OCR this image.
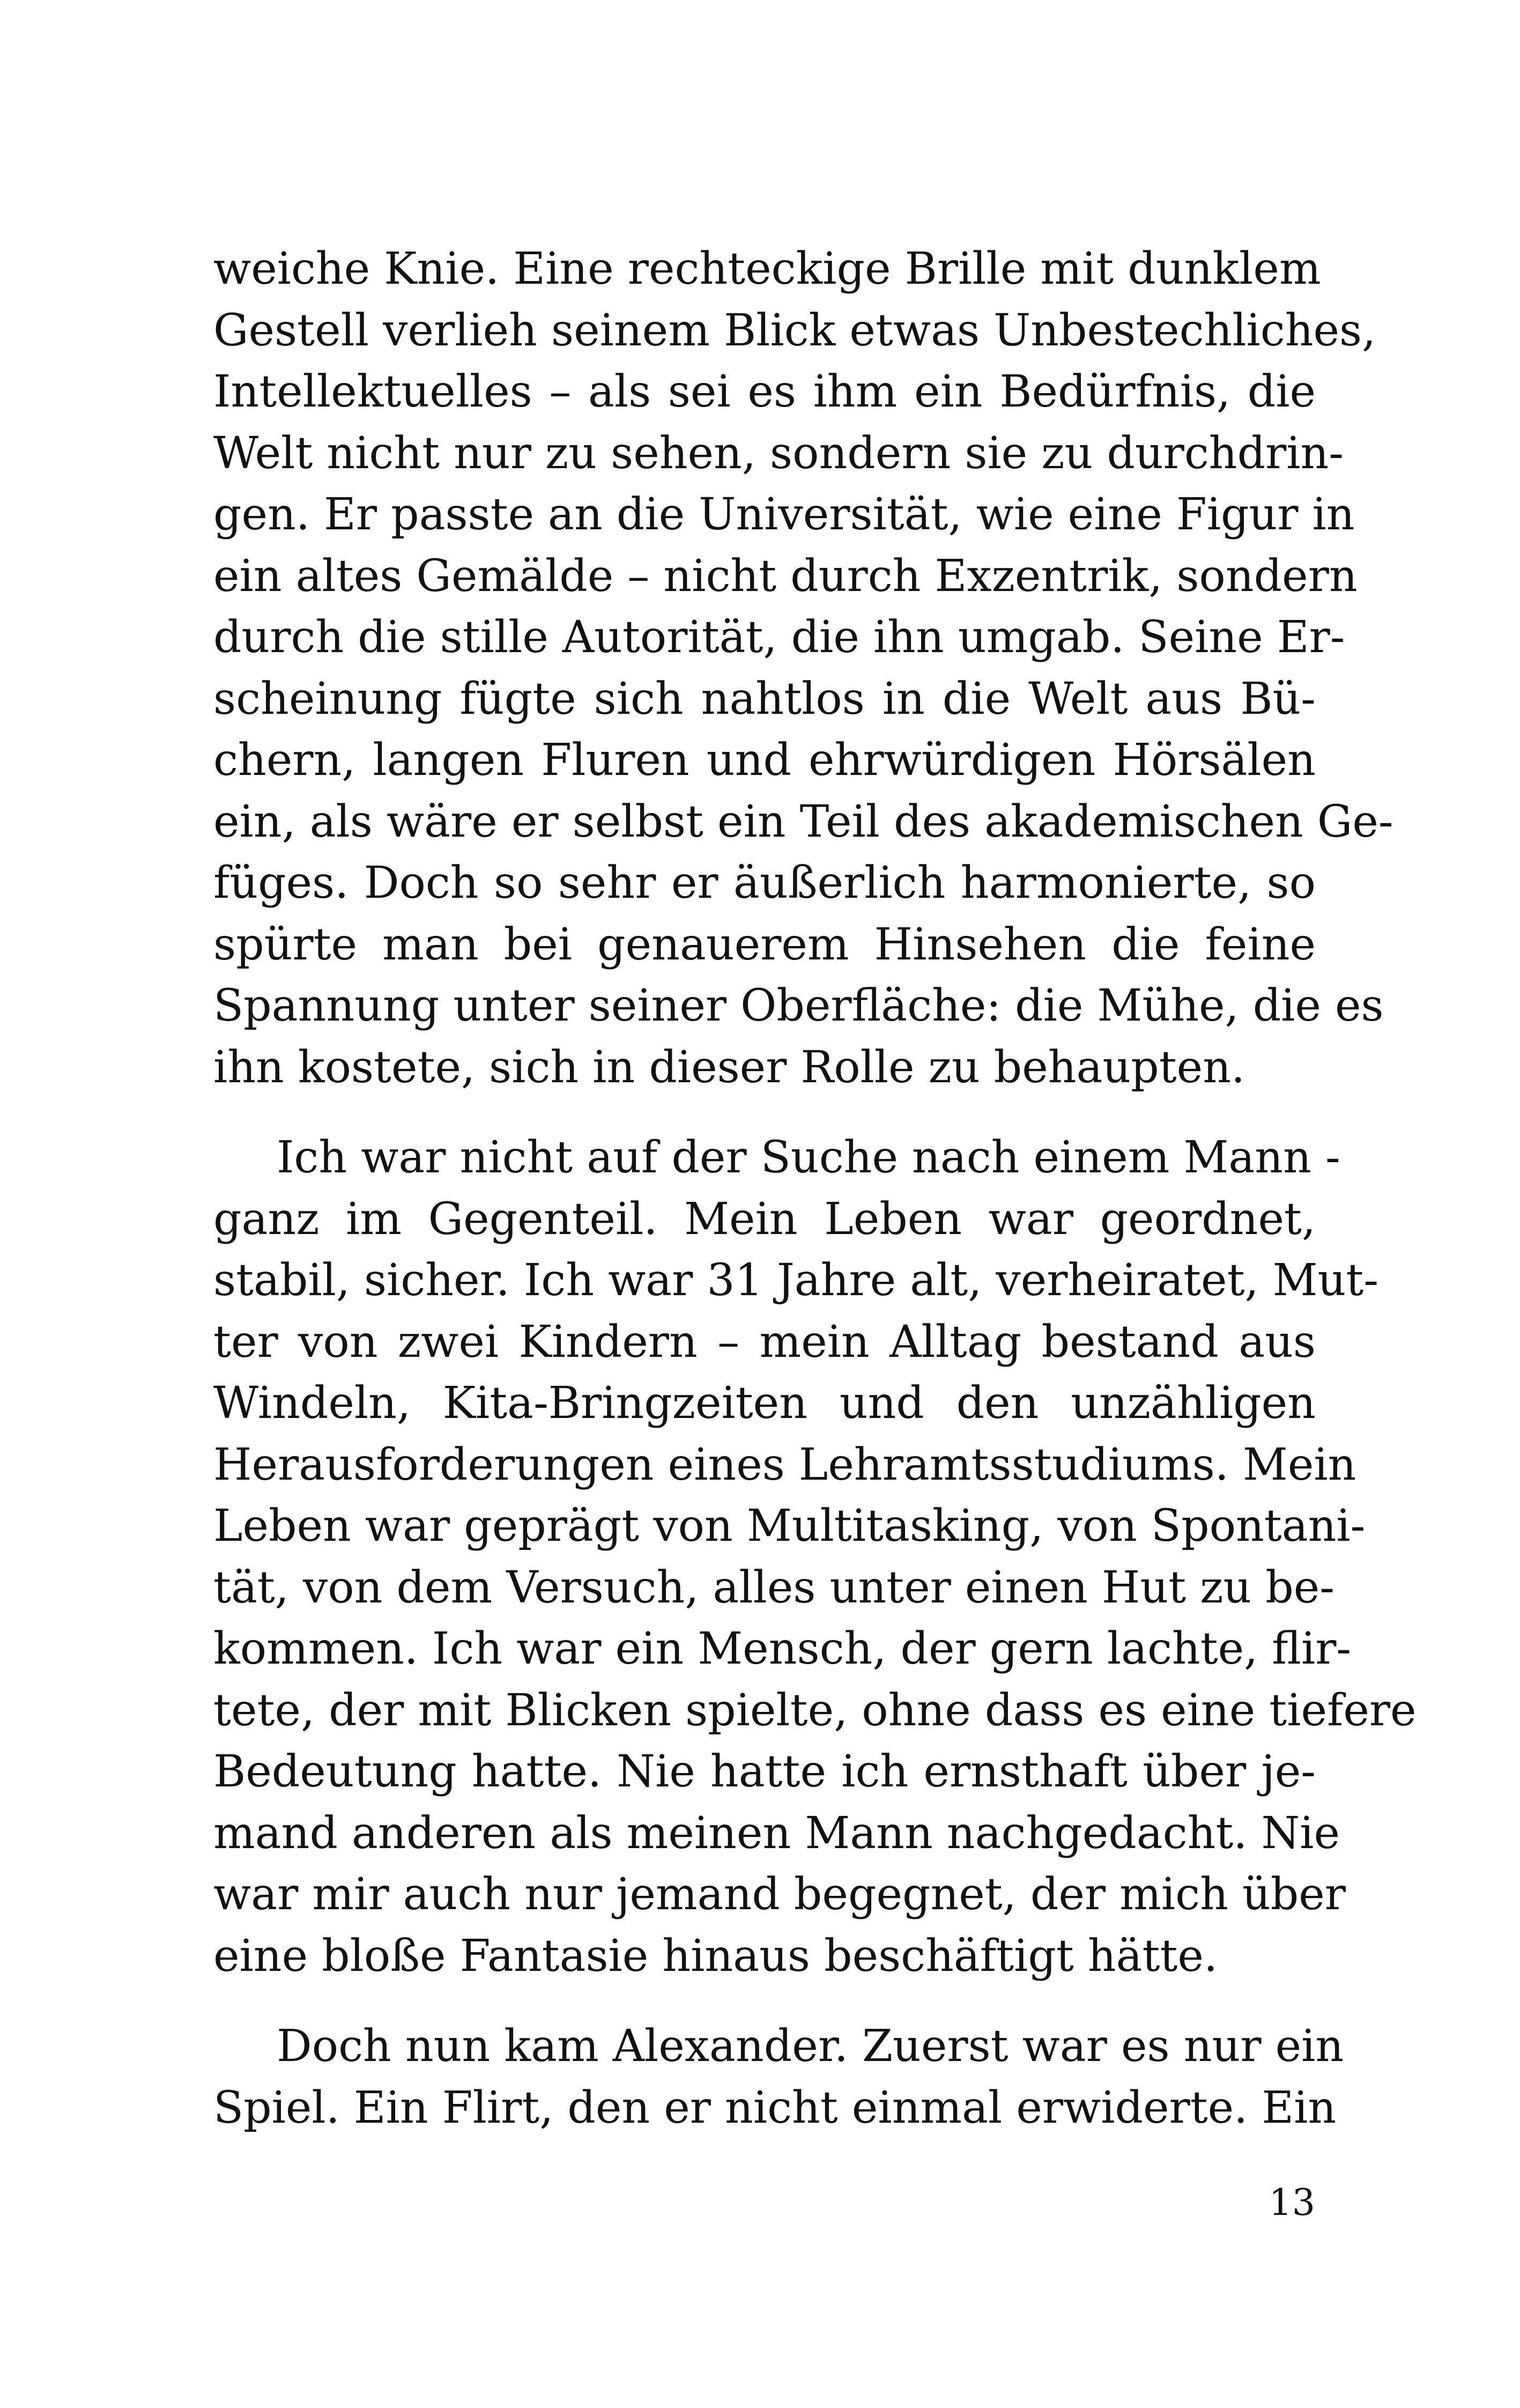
weiche Knie. Eine rechteckige Brille mit dunklem
Gestell verlieh seinem Blick etwas Unbestechliches,
Intellektuelles – als sei es ihm ein Bedürfnis, die
Welt nicht nur zu sehen, sondern sie zu durchdrin-
gen. Er passte an die Universität, wie eine Figur in
ein altes Gemälde – nicht durch Exzentrik, sondern
durch die stille Autorität, die ihn umgab. Seine Er-
scheinung fügte sich nahtlos in die Welt aus Bü-
chern, langen Fluren und ehrwürdigen Hörsälen
ein, als wäre er selbst ein Teil des akademischen Ge-
füges. Doch so sehr er äußerlich harmonierte, so
spürte man bei genauerem Hinsehen die feine
Spannung unter seiner Oberfläche: die Mühe, die es
ihn kostete, sich in dieser Rolle zu behaupten.
Ich war nicht auf der Suche nach einem Mann -
ganz im Gegenteil. Mein Leben war geordnet,
stabil, sicher. Ich war 31 Jahre alt, verheiratet, Mut-
ter von zwei Kindern – mein Alltag bestand aus
Windeln, Kita-Bringzeiten und den unzähligen
Herausforderungen eines Lehramtsstudiums. Mein
Leben war geprägt von Multitasking, von Spontani-
tät, von dem Versuch, alles unter einen Hut zu be-
kommen. Ich war ein Mensch, der gern lachte, flir-
tete, der mit Blicken spielte, ohne dass es eine tiefere
Bedeutung hatte. Nie hatte ich ernsthaft über je-
mand anderen als meinen Mann nachgedacht. Nie
war mir auch nur jemand begegnet, der mich über
eine bloße Fantasie hinaus beschäftigt hätte.
Doch nun kam Alexander. Zuerst war es nur ein
Spiel. Ein Flirt, den er nicht einmal erwiderte. Ein
13
